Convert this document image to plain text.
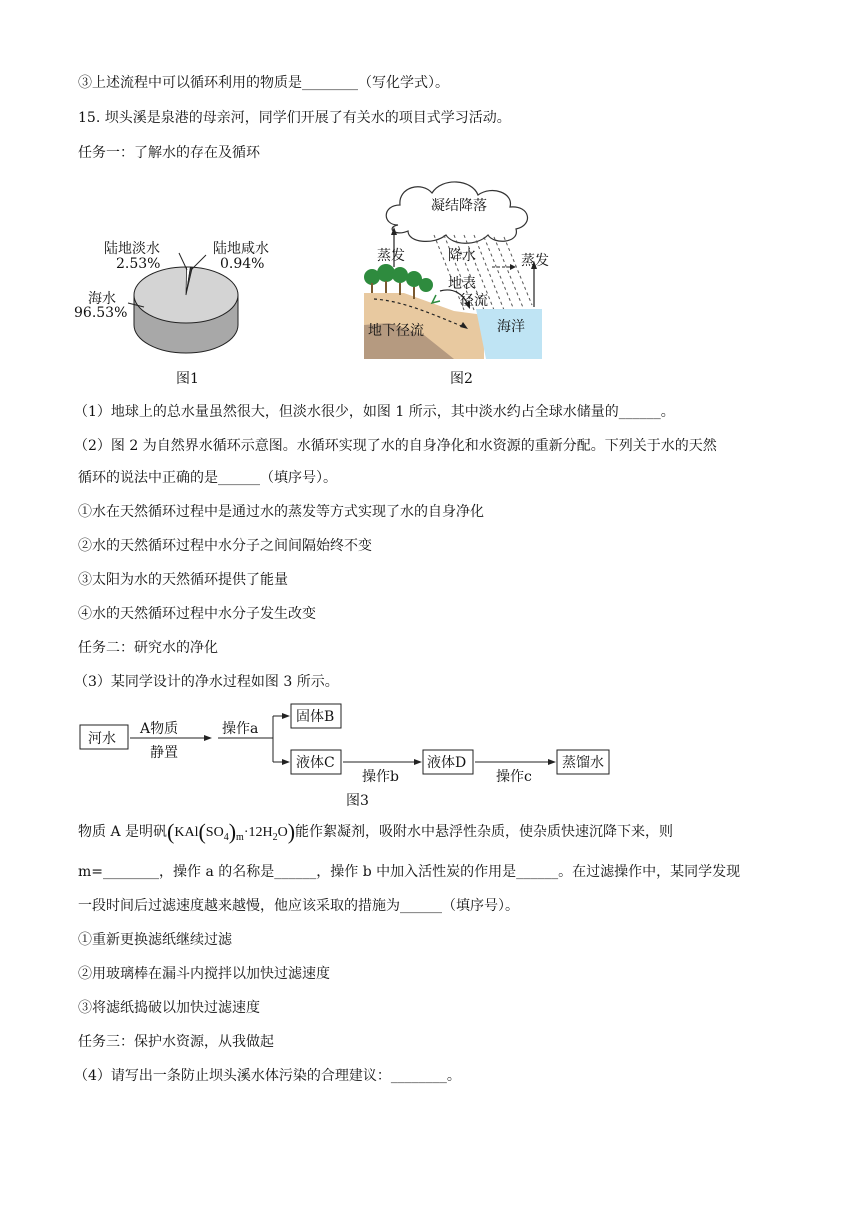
③上述流程中可以循环利用的物质是________（写化学式）。
15. 坝头溪是泉港的母亲河，同学们开展了有关水的项目式学习活动。
任务一：了解水的存在及循环
陆地淡水
2.53%
陆地咸水
0.94%
海水
96.53%
图1
凝结降落
蒸发	降水	蒸发
地表
径流
地下径流	海洋
图2
（1）地球上的总水量虽然很大，但淡水很少，如图 1 所示，其中淡水约占全球水储量的______。
（2）图 2 为自然界水循环示意图。水循环实现了水的自身净化和水资源的重新分配。下列关于水的天然
循环的说法中正确的是______（填序号）。
①水在天然循环过程中是通过水的蒸发等方式实现了水的自身净化
②水的天然循环过程中水分子之间间隔始终不变
③太阳为水的天然循环提供了能量
④水的天然循环过程中水分子发生改变
任务二：研究水的净化
（3）某同学设计的净水过程如图 3 所示。
河水
A物质
静置
操作a
固体B
液体C
操作b
液体D
操作c
蒸馏水
图3
物质 A 是明矾$(KAl(SO_4)_m\cdot 12H_2O)$能作絮凝剂，吸附水中悬浮性杂质，使杂质快速沉降下来，则
m=________，操作 a 的名称是______，操作 b 中加入活性炭的作用是______。在过滤操作中，某同学发现
一段时间后过滤速度越来越慢，他应该采取的措施为______（填序号）。
①重新更换滤纸继续过滤
②用玻璃棒在漏斗内搅拌以加快过滤速度
③将滤纸捣破以加快过滤速度
任务三：保护水资源，从我做起
（4）请写出一条防止坝头溪水体污染的合理建议：________。
